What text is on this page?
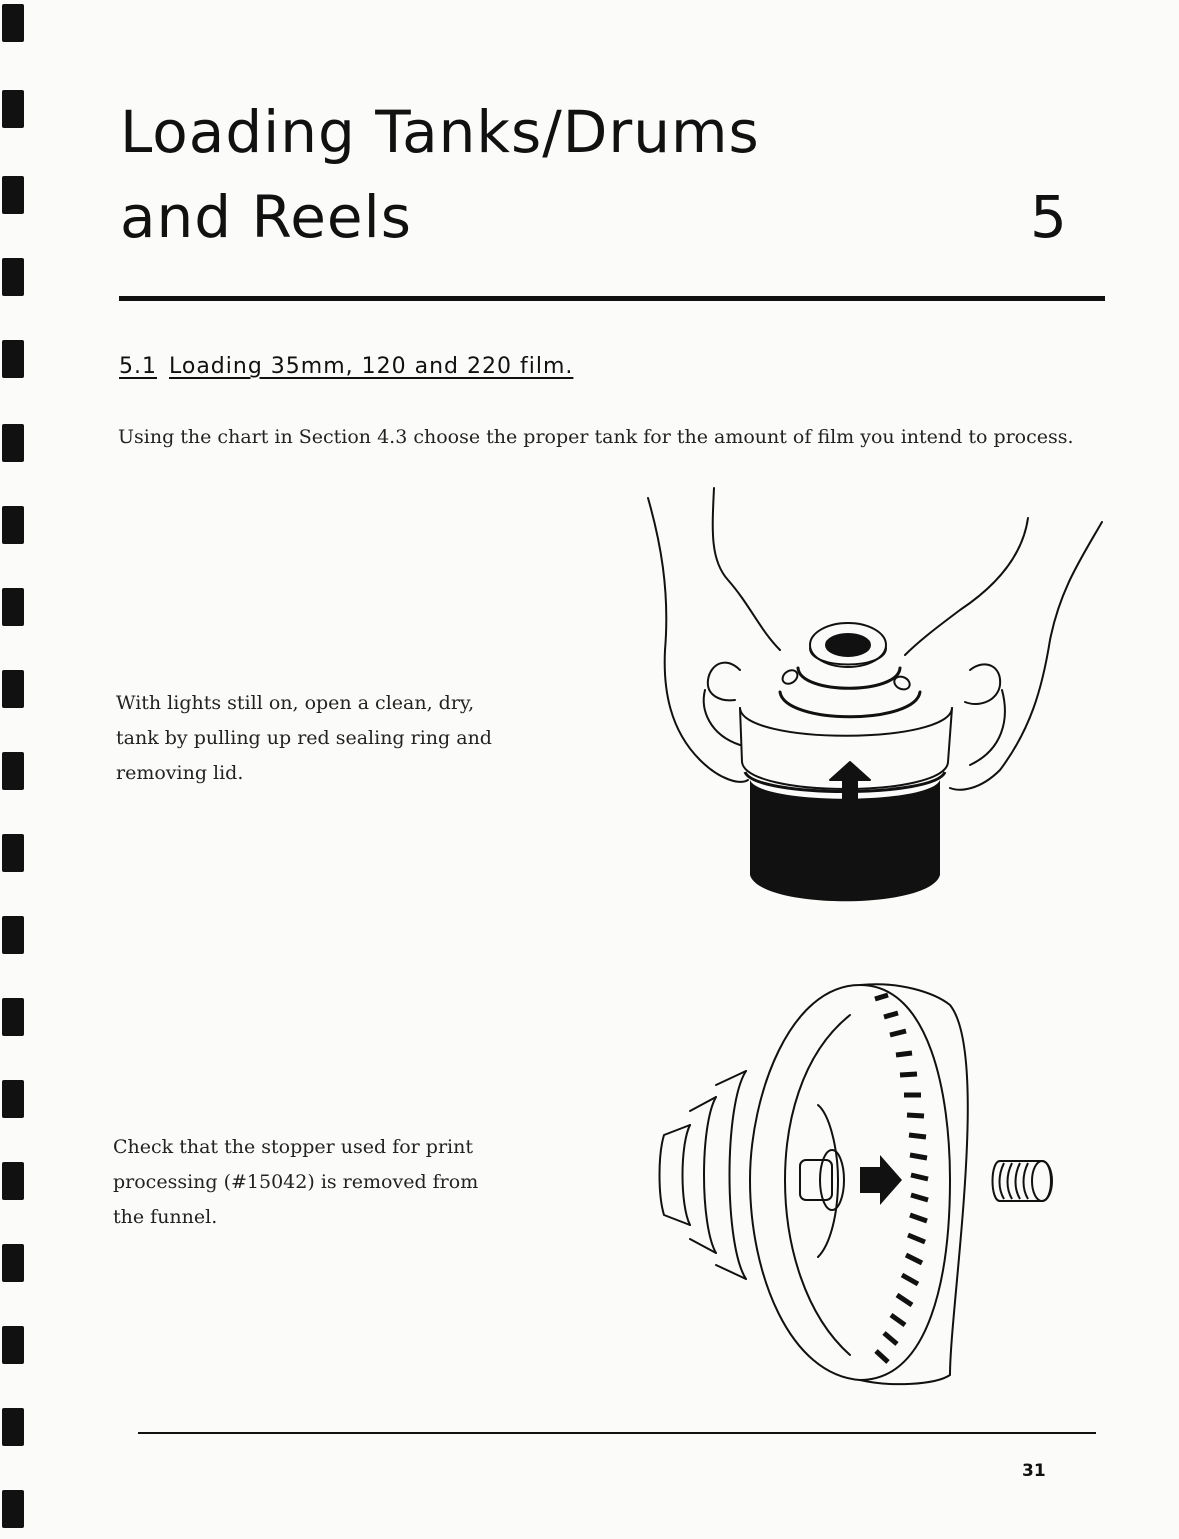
Loading Tanks/Drums
and Reels	5
5.1 Loading 35mm, 120 and 220 film.

Using the chart in Section 4.3 choose the proper tank for the amount of film you intend to process.

With lights still on, open a clean, dry, tank by pulling up red sealing ring and removing lid.

Check that the stopper used for print processing (#15042) is removed from the funnel.

31
